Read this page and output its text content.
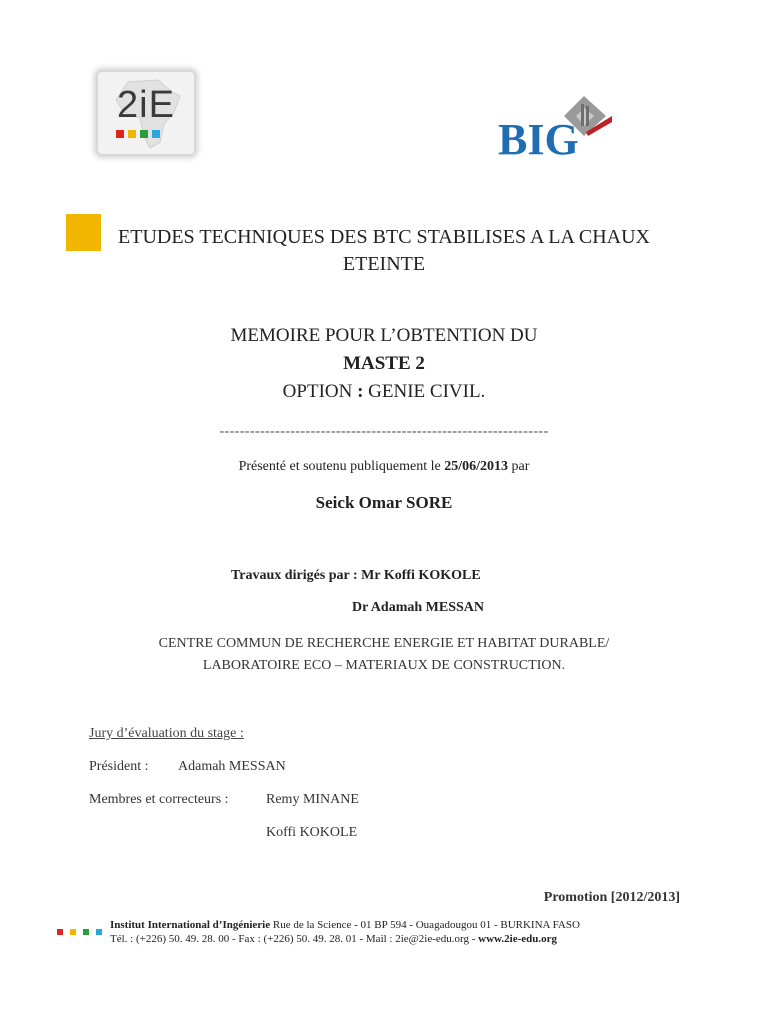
2iE
BIG
ETUDES TECHNIQUES DES BTC STABILISES A LA CHAUX
ETEINTE
MEMOIRE POUR L’OBTENTION DU
MASTE 2
OPTION : GENIE CIVIL.
-----------------------------------------------------------------
Présenté et soutenu publiquement le 25/06/2013 par
Seick Omar SORE
Travaux dirigés par : Mr Koffi KOKOLE
Dr Adamah MESSAN
CENTRE COMMUN DE RECHERCHE ENERGIE ET HABITAT DURABLE/
LABORATOIRE ECO – MATERIAUX DE CONSTRUCTION.
Jury d’évaluation du stage :
Président : Adamah MESSAN
Membres et correcteurs :	Remy MINANE
Koffi KOKOLE
Promotion [2012/2013]
Institut International d’Ingénierie Rue de la Science - 01 BP 594 - Ouagadougou 01 - BURKINA FASO
Tél. : (+226) 50. 49. 28. 00 - Fax : (+226) 50. 49. 28. 01 - Mail : 2ie@2ie-edu.org - www.2ie-edu.org
